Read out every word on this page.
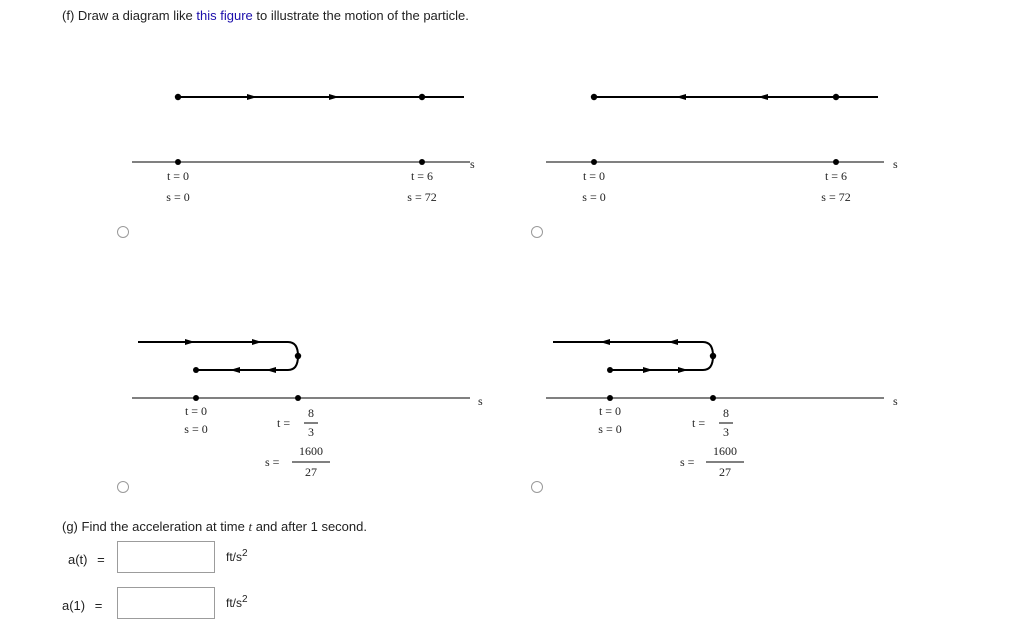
(f) Draw a diagram like this figure to illustrate the motion of the particle.
s
t = 0
s = 0
t = 6
s = 72
s
t = 0
s = 0
t = 6
s = 72
s
t = 0
s = 0	t =
8
3
s =
1600
27
s
t = 0
s = 0	t =
8
3
s =
1600
27
(g) Find the acceleration at time t and after 1 second.
a(t) =	$ft/s^2$
a(1) =	$ft/s^2$
